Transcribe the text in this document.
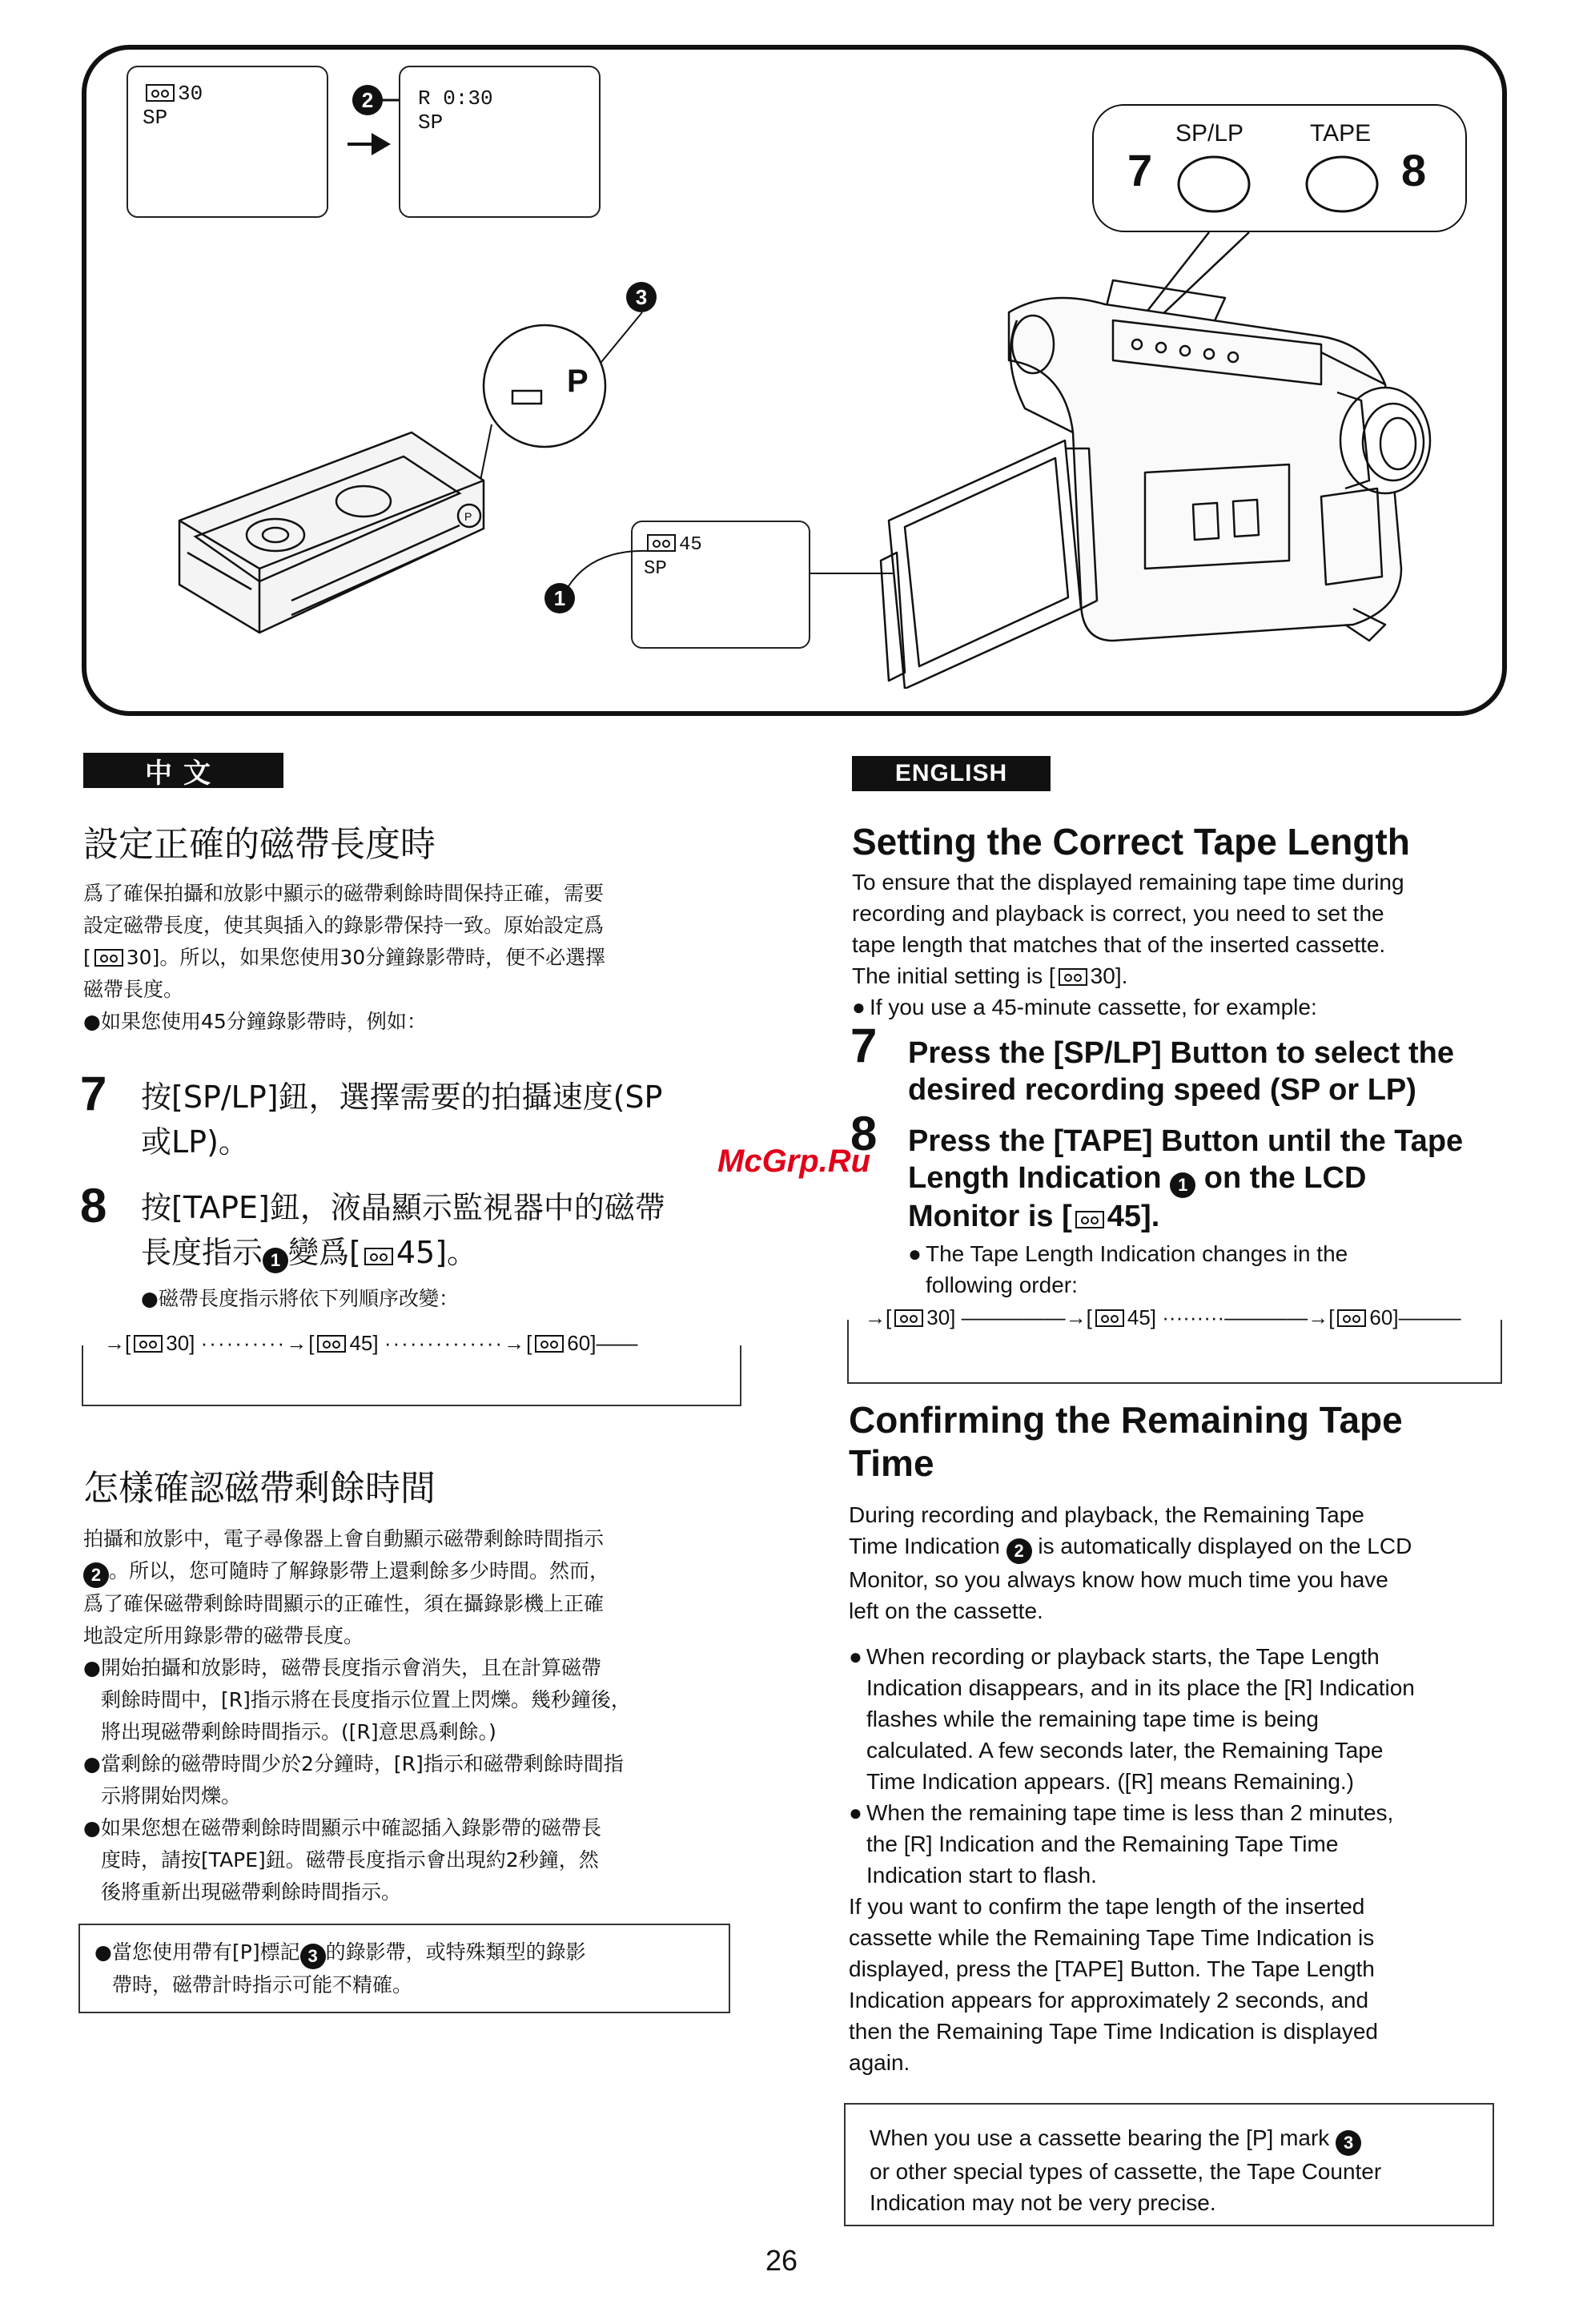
30
SP
2	R 0:30
SP
3
P
P
45
SP
1
SP/LP	TAPE
7	8
中文
設定正確的磁帶長度時
爲了確保拍攝和放影中顯示的磁帶剩餘時間保持正確，需要
設定磁帶長度，使其與插入的錄影帶保持一致。原始設定爲
[ 30]。所以，如果您使用30分鐘錄影帶時，便不必選擇
磁帶長度。
● 如果您使用45分鐘錄影帶時，例如：
7 按[SP/LP]鈕，選擇需要的拍攝速度(SP
或LP)。
8 按[TAPE]鈕，液晶顯示監視器中的磁帶
長度指示 1 變爲[ 45]。
● 磁帶長度指示將依下列順序改變：
→[ 30] ··········→[ 45] ··············→[ 60]——
怎樣確認磁帶剩餘時間
拍攝和放影中，電子尋像器上會自動顯示磁帶剩餘時間指示
2 。所以，您可隨時了解錄影帶上還剩餘多少時間。然而，
爲了確保磁帶剩餘時間顯示的正確性，須在攝錄影機上正確
地設定所用錄影帶的磁帶長度。
● 開始拍攝和放影時，磁帶長度指示會消失，且在計算磁帶
剩餘時間中，[R]指示將在長度指示位置上閃爍。幾秒鐘後，
將出現磁帶剩餘時間指示。([R]意思爲剩餘。)
● 當剩餘的磁帶時間少於2分鐘時，[R]指示和磁帶剩餘時間指
示將開始閃爍。
● 如果您想在磁帶剩餘時間顯示中確認插入錄影帶的磁帶長
度時，請按[TAPE]鈕。磁帶長度指示會出現約2秒鐘，然
後將重新出現磁帶剩餘時間指示。
● 當您使用帶有[P]標記 3 的錄影帶，或特殊類型的錄影
帶時，磁帶計時指示可能不精確。
ENGLISH
Setting the Correct Tape Length
To ensure that the displayed remaining tape time during
recording and playback is correct, you need to set the
tape length that matches that of the inserted cassette.
The initial setting is [ 30].
● If you use a 45-minute cassette, for example:
7 Press the [SP/LP] Button to select the
desired recording speed (SP or LP)
8 Press the [TAPE] Button until the Tape
Length Indication 1 on the LCD
Monitor is [ 45].
● The Tape Length Indication changes in the
following order:
→[ 30] —————→[ 45] ·········————→[ 60]———
Confirming the Remaining Tape
Time
During recording and playback, the Remaining Tape
Time Indication 2 is automatically displayed on the LCD
Monitor, so you always know how much time you have
left on the cassette.
● When recording or playback starts, the Tape Length
Indication disappears, and in its place the [R] Indication
flashes while the remaining tape time is being
calculated. A few seconds later, the Remaining Tape
Time Indication appears. ([R] means Remaining.)
● When the remaining tape time is less than 2 minutes,
the [R] Indication and the Remaining Tape Time
Indication start to flash.
If you want to confirm the tape length of the inserted
cassette while the Remaining Tape Time Indication is
displayed, press the [TAPE] Button. The Tape Length
Indication appears for approximately 2 seconds, and
then the Remaining Tape Time Indication is displayed
again.
When you use a cassette bearing the [P] mark 3
or other special types of cassette, the Tape Counter
Indication may not be very precise.
McGrp.Ru
26
